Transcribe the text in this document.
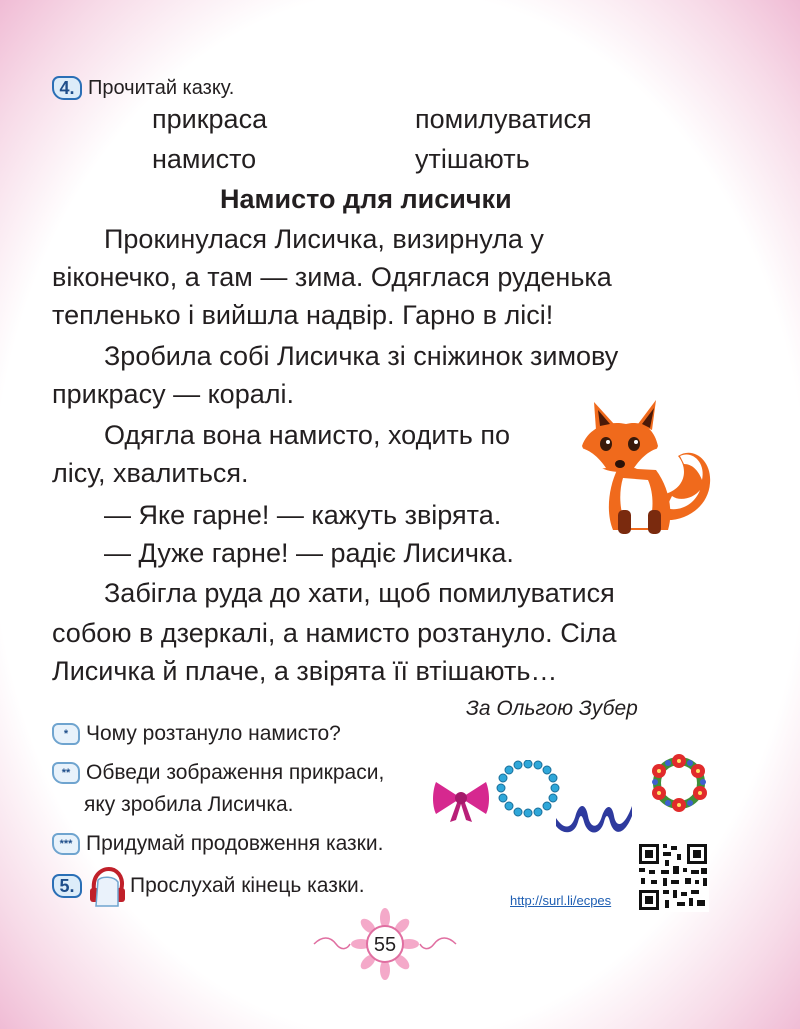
4. Прочитай казку.
прикраса	помилуватися
намисто	утішають
Намисто для лисички
Прокинулася Лисичка, визирнула у
віконечко, а там — зима. Одяглася руденька
тепленько і вийшла надвір. Гарно в лісі!
Зробила собі Лисичка зі сніжинок зимову
прикрасу — коралі.
Одягла вона намисто, ходить по
лісу, хвалиться.
— Яке гарне! — кажуть звірята.
— Дуже гарне! — радіє Лисичка.
Забігла руда до хати, щоб помилуватися
собою в дзеркалі, а намисто розтануло. Сіла
Лисичка й плаче, а звірята її втішають…
За Ольгою Зубер
* Чому розтануло намисто?
** Обведи зображення прикраси,
яку зробила Лисичка.
*** Придумай продовження казки.
5.	Прослухай кінець казки.
http://surl.li/ecpes
55
